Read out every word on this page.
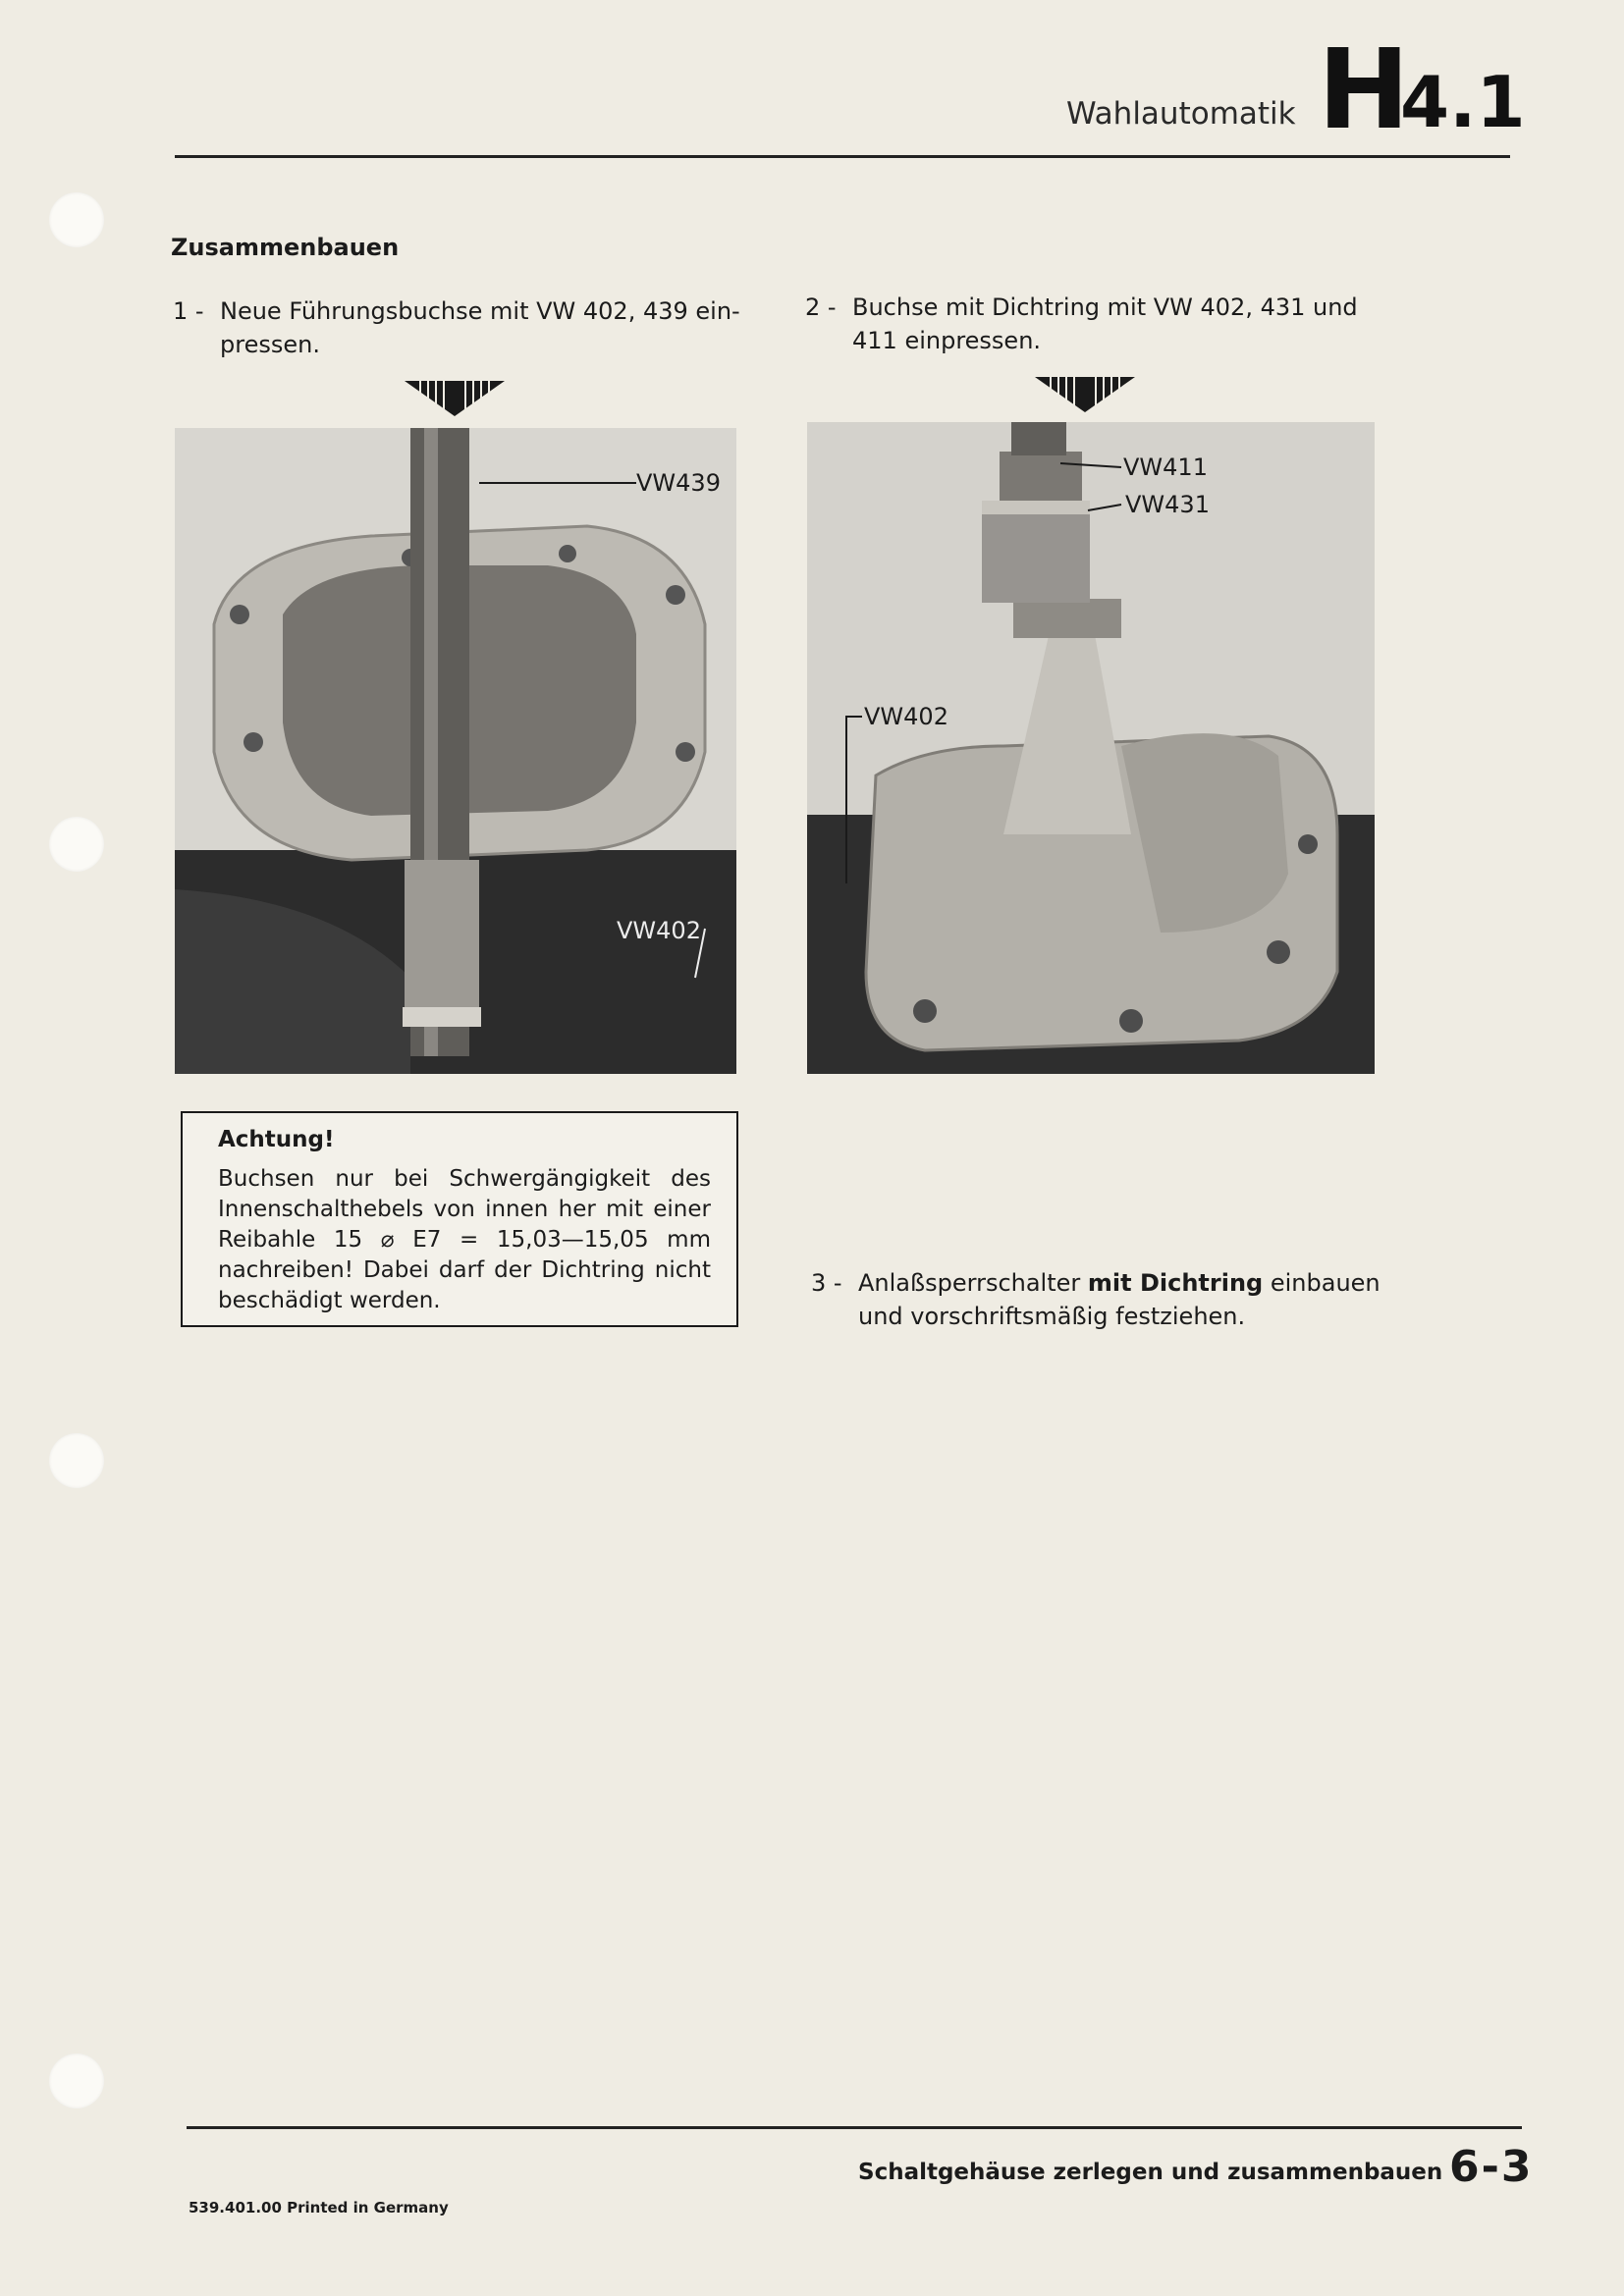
Wahlautomatik H
4.1
Zusammenbauen
1 - Neue Führungsbuchse mit VW 402, 439 ein-
pressen.
2 - Buchse mit Dichtring mit VW 402, 431 und
411 einpressen.
VW439
VW402
VW411
VW431
VW402
Achtung!
Buchsen nur bei Schwergängigkeit des Innenschalthebels von innen her mit einer Reibahle 15 ⌀ E7 = 15,03—15,05 mm nachreiben! Dabei darf der Dichtring nicht beschädigt werden.
3 - Anlaßsperrschalter mit Dichtring einbauen
und vorschriftsmäßig festziehen.
Schaltgehäuse zerlegen und zusammenbauen 6-3
539.401.00 Printed in Germany
